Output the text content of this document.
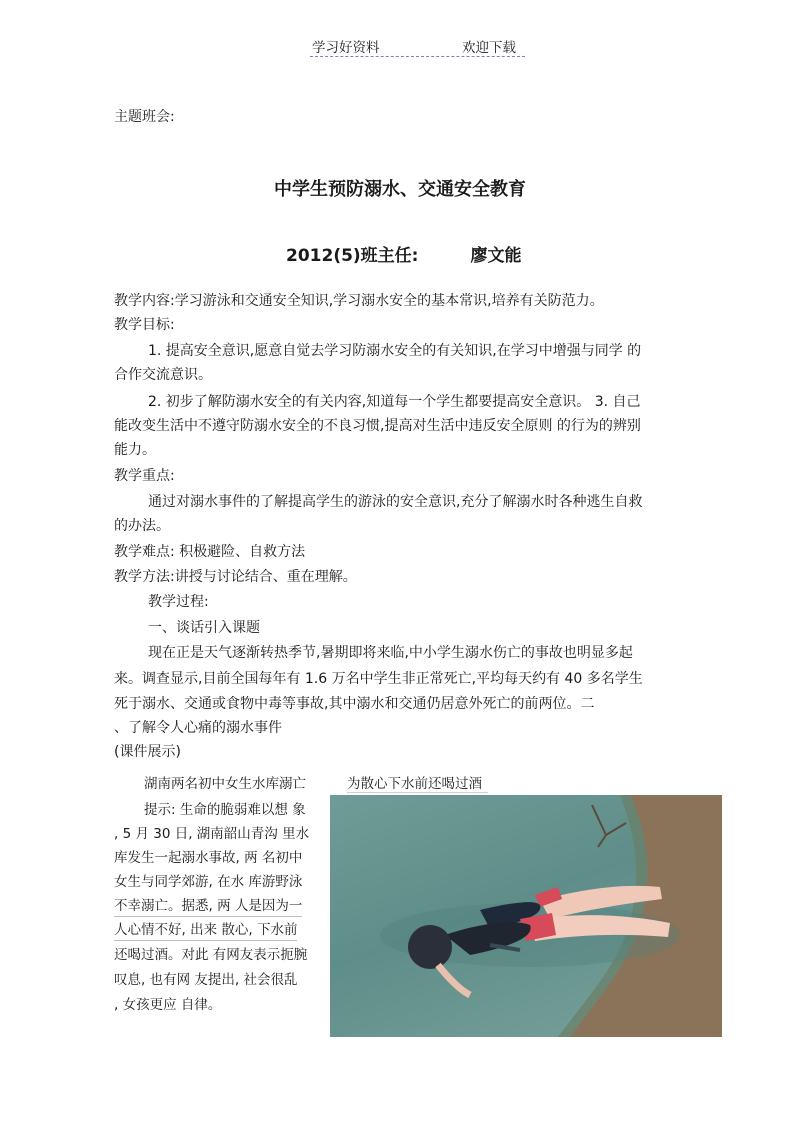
学习好资料	欢迎下载
主题班会:
中学生预防溺水、交通安全教育
2012(5)班主任:	廖文能
教学内容:学习游泳和交通安全知识,学习溺水安全的基本常识,培养有关防范力。
教学目标:
1. 提高安全意识,愿意自觉去学习防溺水安全的有关知识,在学习中增强与同学 的
合作交流意识。
2. 初步了解防溺水安全的有关内容,知道每一个学生都要提高安全意识。 3. 自己
能改变生活中不遵守防溺水安全的不良习惯,提高对生活中违反安全原则 的行为的辨别
能力。
教学重点:
通过对溺水事件的了解提高学生的游泳的安全意识,充分了解溺水时各种逃生自救
的办法。
教学难点: 积极避险、自救方法
教学方法:讲授与讨论结合、重在理解。
教学过程:
一、谈话引入课题
现在正是天气逐渐转热季节,暑期即将来临,中小学生溺水伤亡的事故也明显多起
来。调查显示,目前全国每年有 1.6 万名中学生非正常死亡,平均每天约有 40 多名学生
死于溺水、交通或食物中毒等事故,其中溺水和交通仍居意外死亡的前两位。二
、了解令人心痛的溺水事件
(课件展示)
湖南两名初中女生水库溺亡	为散心下水前还喝过酒
提示: 生命的脆弱难以想 象
, 5 月 30 日, 湖南韶山青沟 里水
库发生一起溺水事故, 两 名初中
女生与同学郊游, 在水 库游野泳
不幸溺亡。据悉, 两 人是因为一
人心情不好, 出来 散心, 下水前
还喝过酒。对此 有网友表示扼腕
叹息, 也有网 友提出, 社会很乱
, 女孩更应 自律。
